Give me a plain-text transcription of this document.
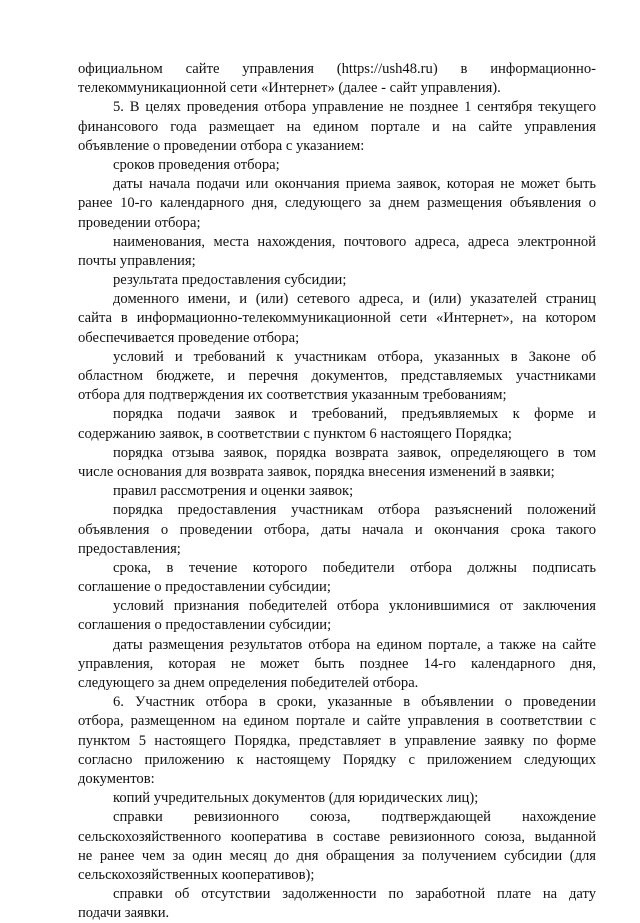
официальном сайте управления (https://ush48.ru) в информационно-
телекоммуникационной сети «Интернет» (далее - сайт управления).
5. В целях проведения отбора управление не позднее 1 сентября текущего
финансового года размещает на едином портале и на сайте управления
объявление о проведении отбора с указанием:
сроков проведения отбора;
даты начала подачи или окончания приема заявок, которая не может быть
ранее 10-го календарного дня, следующего за днем размещения объявления о
проведении отбора;
наименования, места нахождения, почтового адреса, адреса электронной
почты управления;
результата предоставления субсидии;
доменного имени, и (или) сетевого адреса, и (или) указателей страниц
сайта в информационно-телекоммуникационной сети «Интернет», на котором
обеспечивается проведение отбора;
условий и требований к участникам отбора, указанных в Законе об
областном бюджете, и перечня документов, представляемых участниками
отбора для подтверждения их соответствия указанным требованиям;
порядка подачи заявок и требований, предъявляемых к форме и
содержанию заявок, в соответствии с пунктом 6 настоящего Порядка;
порядка отзыва заявок, порядка возврата заявок, определяющего в том
числе основания для возврата заявок, порядка внесения изменений в заявки;
правил рассмотрения и оценки заявок;
порядка предоставления участникам отбора разъяснений положений
объявления о проведении отбора, даты начала и окончания срока такого
предоставления;
срока, в течение которого победители отбора должны подписать
соглашение о предоставлении субсидии;
условий признания победителей отбора уклонившимися от заключения
соглашения о предоставлении субсидии;
даты размещения результатов отбора на едином портале, а также на сайте
управления, которая не может быть позднее 14-го календарного дня,
следующего за днем определения победителей отбора.
6. Участник отбора в сроки, указанные в объявлении о проведении
отбора, размещенном на едином портале и сайте управления в соответствии с
пунктом 5 настоящего Порядка, представляет в управление заявку по форме
согласно приложению к настоящему Порядку с приложением следующих
документов:
копий учредительных документов (для юридических лиц);
справки ревизионного союза, подтверждающей нахождение
сельскохозяйственного кооператива в составе ревизионного союза, выданной
не ранее чем за один месяц до дня обращения за получением субсидии (для
сельскохозяйственных кооперативов);
справки об отсутствии задолженности по заработной плате на дату
подачи заявки.
